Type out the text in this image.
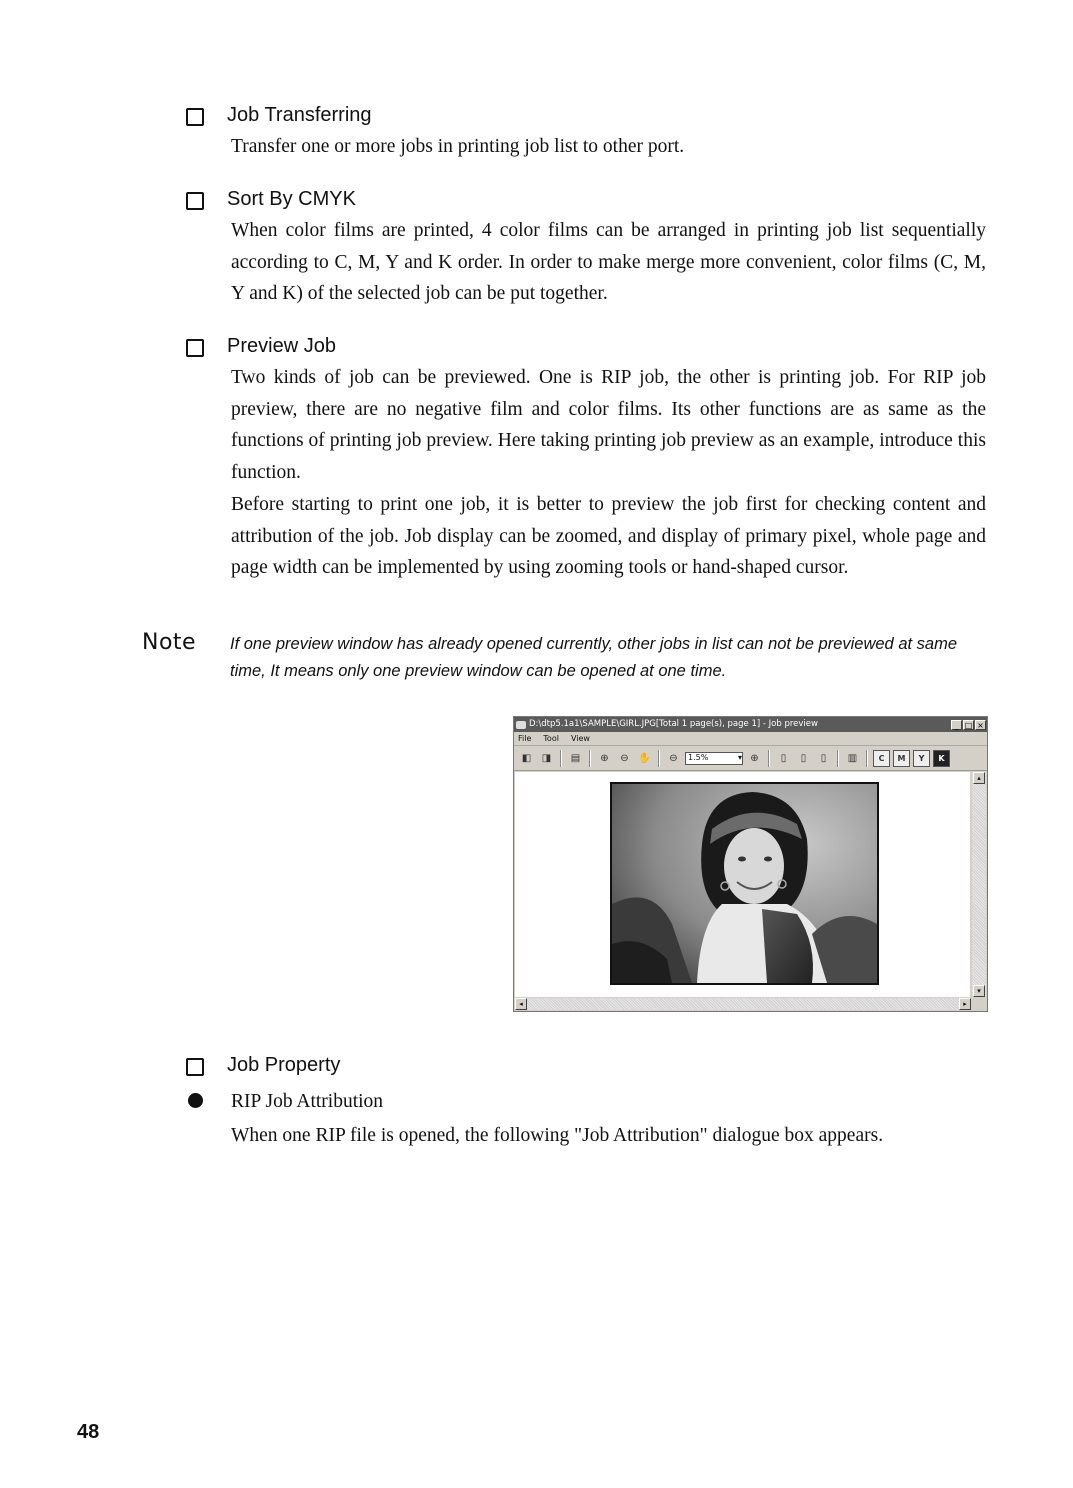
Job Transferring

Transfer one or more jobs in printing job list to other port.

Sort By CMYK

When color films are printed, 4 color films can be arranged in printing job list sequentially according to C, M, Y and K order. In order to make merge more convenient, color films (C, M, Y and K) of the selected job can be put together.

Preview Job

Two kinds of job can be previewed. One is RIP job, the other is printing job. For RIP job preview, there are no negative film and color films. Its other functions are as same as the functions of printing job preview. Here taking printing job preview as an example, introduce this function.

Before starting to print one job, it is better to preview the job first for checking content and attribution of the job. Job display can be zoomed, and display of primary pixel, whole page and page width can be implemented by using zooming tools or hand-shaped cursor.

Note If one preview window has already opened currently, other jobs in list can not be previewed at same time, It means only one preview window can be opened at one time.
D:\dtp5.1a1\SAMPLE\GIRL.JPG[Total 1 page(s), page 1] - Job preview	_ □ ×
File Tool View
◧	◨	▤	⊕	⊖ ✋	⊖	1.5%	▾ ⊕	▯	▯	▯	▥	C	M	Y	K
▴
▾
◂	▸
Job Property

RIP Job Attribution

When one RIP file is opened, the following "Job Attribution" dialogue box appears.

48
